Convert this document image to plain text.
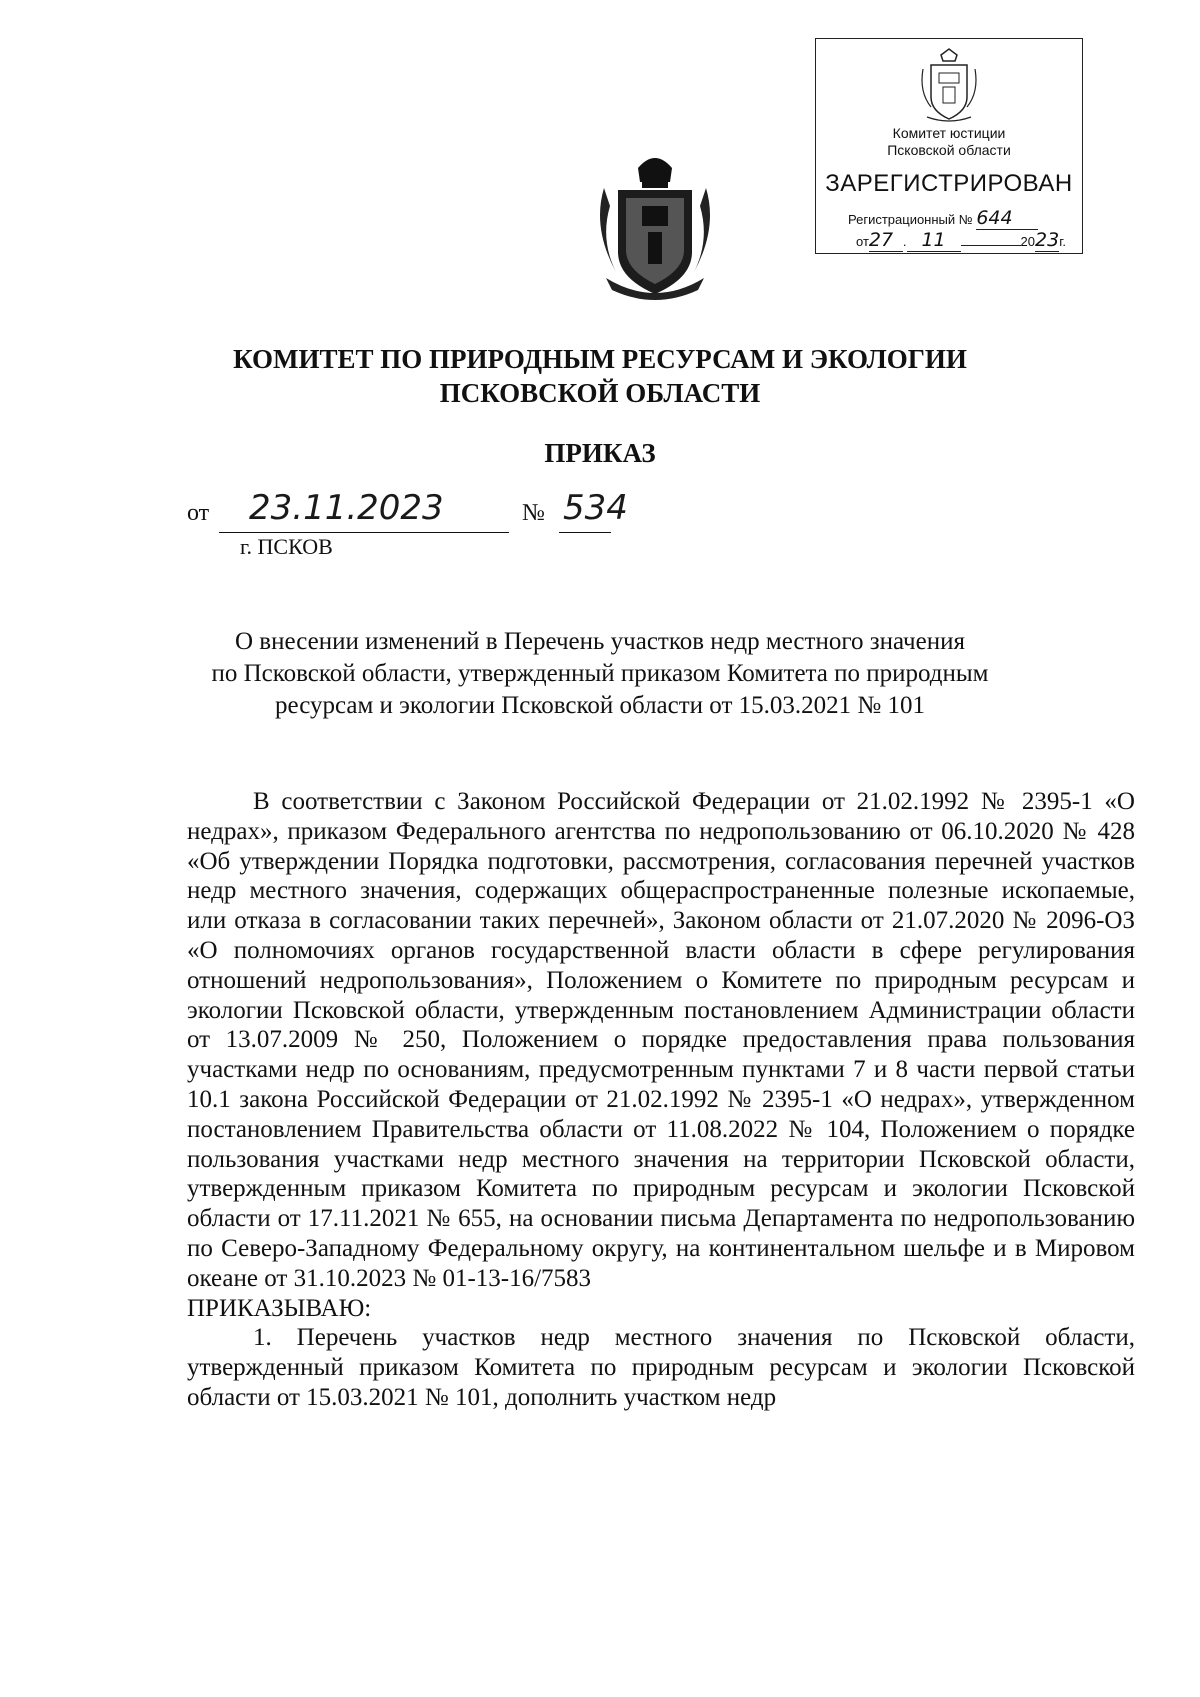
Комитет юстиции
Псковской области
ЗАРЕГИСТРИРОВАН
Регистрационный № 644
от27 . 11	2023г.
КОМИТЕТ ПО ПРИРОДНЫМ РЕСУРСАМ И ЭКОЛОГИИ
ПСКОВСКОЙ ОБЛАСТИ
ПРИКАЗ
от 23.11.2023	№ 534
г. ПСКОВ
О внесении изменений в Перечень участков недр местного значения
по Псковской области, утвержденный приказом Комитета по природным
ресурсам и экологии Псковской области от 15.03.2021 № 101

В соответствии с Законом Российской Федерации от 21.02.1992 № 2395-1 «О недрах», приказом Федерального агентства по недропользованию от 06.10.2020 № 428 «Об утверждении Порядка подготовки, рассмотрения, согласования перечней участков недр местного значения, содержащих общераспространенные полезные ископаемые, или отказа в согласовании таких перечней», Законом области от 21.07.2020 № 2096-ОЗ «О полномочиях органов государственной власти области в сфере регулирования отношений недропользования», Положением о Комитете по природным ресурсам и экологии Псковской области, утвержденным постановлением Администрации области от 13.07.2009 № 250, Положением о порядке предоставления права пользования участками недр по основаниям, предусмотренным пунктами 7 и 8 части первой статьи 10.1 закона Российской Федерации от 21.02.1992 № 2395-1 «О недрах», утвержденном постановлением Правительства области от 11.08.2022 № 104, Положением о порядке пользования участками недр местного значения на территории Псковской области, утвержденным приказом Комитета по природным ресурсам и экологии Псковской области от 17.11.2021 № 655, на основании письма Департамента по недропользованию по Северо-Западному Федеральному округу, на континентальном шельфе и в Мировом океане от 31.10.2023 № 01-13-16/7583

ПРИКАЗЫВАЮ:

1. Перечень участков недр местного значения по Псковской области, утвержденный приказом Комитета по природным ресурсам и экологии Псковской области от 15.03.2021 № 101, дополнить участком недр
